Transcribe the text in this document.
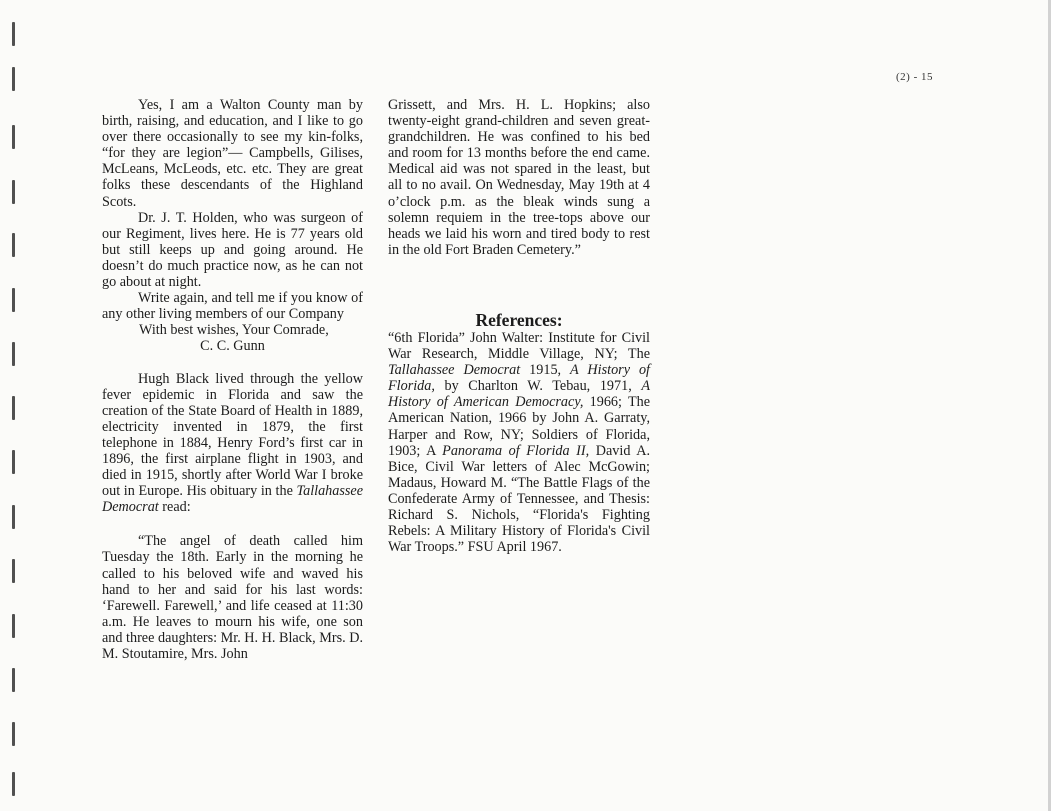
(2) - 15

Yes, I am a Walton County man by birth, raising, and education, and I like to go over there occasionally to see my kin-folks, “for they are legion”— Campbells, Gilises, McLeans, McLeods, etc. etc. They are great folks these descendants of the Highland Scots.

Dr. J. T. Holden, who was surgeon of our Regiment, lives here. He is 77 years old but still keeps up and going around. He doesn’t do much practice now, as he can not go about at night.

Write again, and tell me if you know of any other living members of our Company

With best wishes, Your Comrade,

C. C. Gunn

Hugh Black lived through the yellow fever epidemic in Florida and saw the creation of the State Board of Health in 1889, electricity invented in 1879, the first telephone in 1884, Henry Ford’s first car in 1896, the first airplane flight in 1903, and died in 1915, shortly after World War I broke out in Europe. His obituary in the Tallahassee Democrat read:

“The angel of death called him Tuesday the 18th. Early in the morning he called to his beloved wife and waved his hand to her and said for his last words: ‘Farewell. Farewell,’ and life ceased at 11:30 a.m. He leaves to mourn his wife, one son and three daughters: Mr. H. H. Black, Mrs. D. M. Stoutamire, Mrs. John

Grissett, and Mrs. H. L. Hopkins; also twenty-eight grand-children and seven great-grandchildren. He was confined to his bed and room for 13 months before the end came. Medical aid was not spared in the least, but all to no avail. On Wednesday, May 19th at 4 o’clock p.m. as the bleak winds sung a solemn requiem in the tree-tops above our heads we laid his worn and tired body to rest in the old Fort Braden Cemetery.”

References:

“6th Florida” John Walter: Institute for Civil War Research, Middle Village, NY; The Tallahassee Democrat 1915, A History of Florida, by Charlton W. Tebau, 1971, A History of American Democracy, 1966; The American Nation, 1966 by John A. Garraty, Harper and Row, NY; Soldiers of Florida, 1903; A Panorama of Florida II, David A. Bice, Civil War letters of Alec McGowin; Madaus, Howard M. “The Battle Flags of the Confederate Army of Tennessee, and Thesis: Richard S. Nichols, “Florida's Fighting Rebels: A Military History of Florida's Civil War Troops.” FSU April 1967.
